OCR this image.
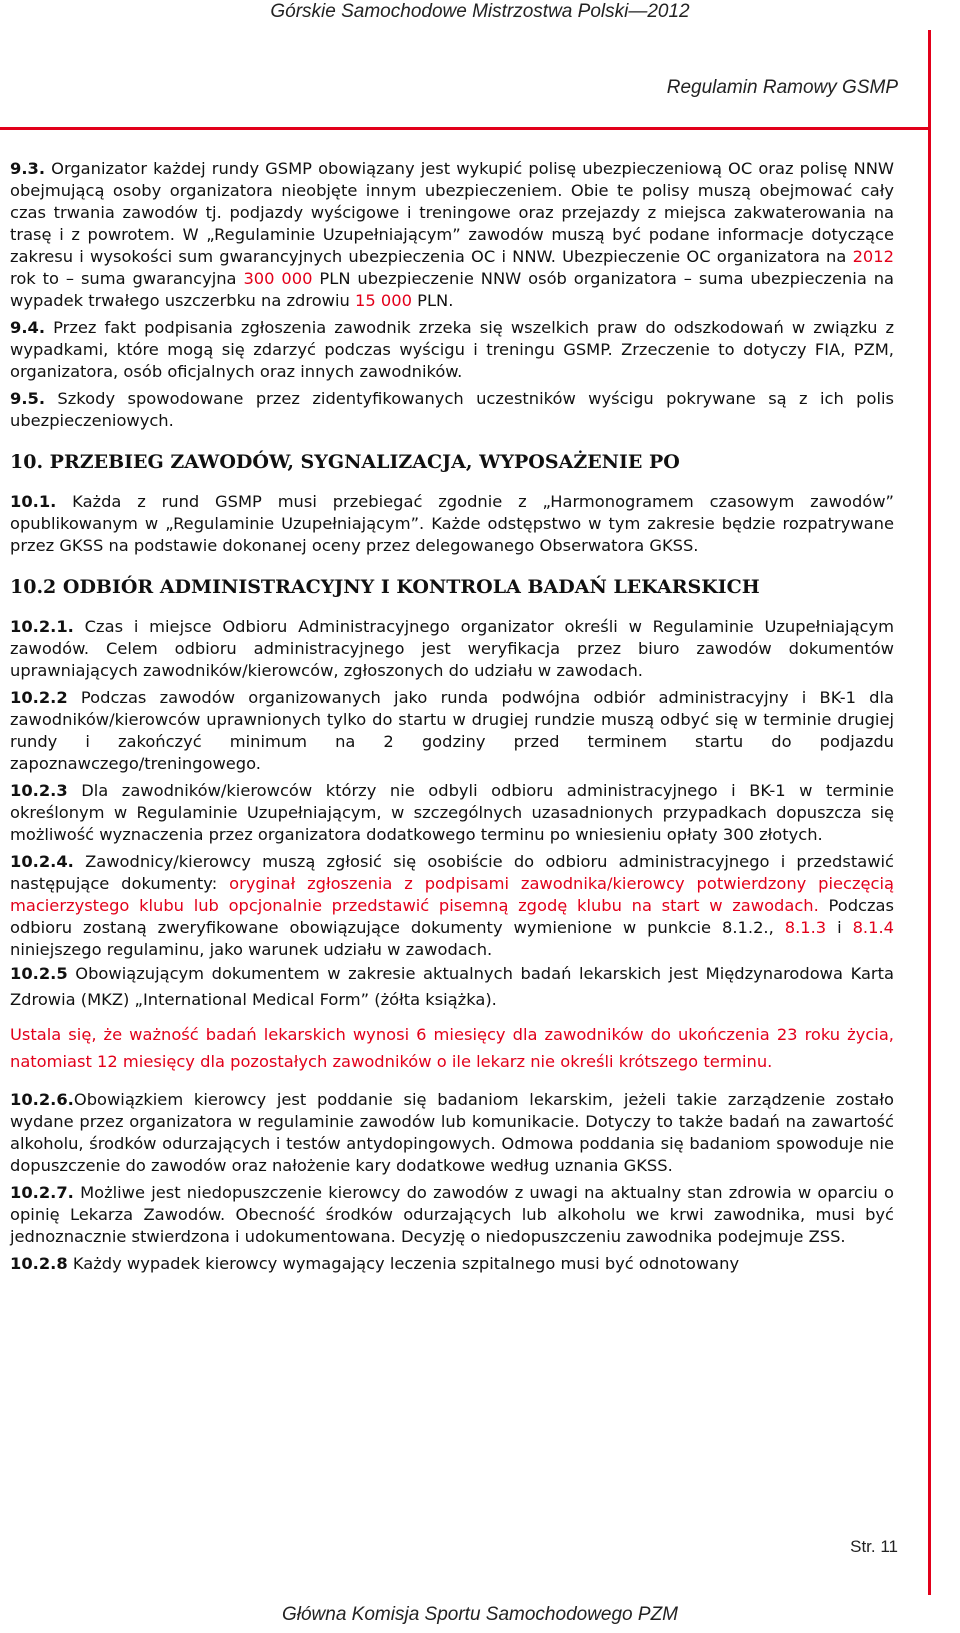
Górskie Samochodowe Mistrzostwa Polski—2012
Regulamin Ramowy GSMP

9.3. Organizator każdej rundy GSMP obowiązany jest wykupić polisę ubezpieczeniową OC oraz polisę NNW obejmującą osoby organizatora nieobjęte innym ubezpieczeniem. Obie te polisy muszą obejmować cały czas trwania zawodów tj. podjazdy wyścigowe i treningowe oraz przejazdy z miejsca zakwaterowania na trasę i z powrotem. W „Regulaminie Uzupełniającym” zawodów muszą być podane informacje dotyczące zakresu i wysokości sum gwarancyjnych ubezpieczenia OC i NNW. Ubezpieczenie OC organizatora na 2012 rok to – suma gwarancyjna 300 000 PLN ubezpieczenie NNW osób organizatora – suma ubezpieczenia na wypadek trwałego uszczerbku na zdrowiu 15 000 PLN.

9.4. Przez fakt podpisania zgłoszenia zawodnik zrzeka się wszelkich praw do odszkodowań w związku z wypadkami, które mogą się zdarzyć podczas wyścigu i treningu GSMP. Zrzeczenie to dotyczy FIA, PZM, organizatora, osób oficjalnych oraz innych zawodników.

9.5. Szkody spowodowane przez zidentyfikowanych uczestników wyścigu pokrywane są z ich polis ubezpieczeniowych.

10. PRZEBIEG ZAWODÓW, SYGNALIZACJA, WYPOSAŻENIE PO

10.1. Każda z rund GSMP musi przebiegać zgodnie z „Harmonogramem czasowym zawodów” opublikowanym w „Regulaminie Uzupełniającym”. Każde odstępstwo w tym zakresie będzie rozpatrywane przez GKSS na podstawie dokonanej oceny przez delegowanego Obserwatora GKSS.

10.2 ODBIÓR ADMINISTRACYJNY I KONTROLA BADAŃ LEKARSKICH

10.2.1. Czas i miejsce Odbioru Administracyjnego organizator określi w Regulaminie Uzupełniającym zawodów. Celem odbioru administracyjnego jest weryfikacja przez biuro zawodów dokumentów uprawniających zawodników/kierowców, zgłoszonych do udziału w zawodach.

10.2.2 Podczas zawodów organizowanych jako runda podwójna odbiór administracyjny i BK-1 dla zawodników/kierowców uprawnionych tylko do startu w drugiej rundzie muszą odbyć się w terminie drugiej rundy i zakończyć minimum na 2 godziny przed terminem startu do podjazdu zapoznawczego/treningowego.

10.2.3 Dla zawodników/kierowców którzy nie odbyli odbioru administracyjnego i BK-1 w terminie określonym w Regulaminie Uzupełniającym, w szczególnych uzasadnionych przypadkach dopuszcza się możliwość wyznaczenia przez organizatora dodatkowego terminu po wniesieniu opłaty 300 złotych.

10.2.4. Zawodnicy/kierowcy muszą zgłosić się osobiście do odbioru administracyjnego i przedstawić następujące dokumenty: oryginał zgłoszenia z podpisami zawodnika/kierowcy potwierdzony pieczęcią macierzystego klubu lub opcjonalnie przedstawić pisemną zgodę klubu na start w zawodach. Podczas odbioru zostaną zweryfikowane obowiązujące dokumenty wymienione w punkcie 8.1.2., 8.1.3 i 8.1.4 niniejszego regulaminu, jako warunek udziału w zawodach.

10.2.5 Obowiązującym dokumentem w zakresie aktualnych badań lekarskich jest Międzynarodowa Karta Zdrowia (MKZ) „International Medical Form” (żółta książka).

Ustala się, że ważność badań lekarskich wynosi 6 miesięcy dla zawodników do ukończenia 23 roku życia, natomiast 12 miesięcy dla pozostałych zawodników o ile lekarz nie określi krótszego terminu.

10.2.6.Obowiązkiem kierowcy jest poddanie się badaniom lekarskim, jeżeli takie zarządzenie zostało wydane przez organizatora w regulaminie zawodów lub komunikacie. Dotyczy to także badań na zawartość alkoholu, środków odurzających i testów antydopingowych. Odmowa poddania się badaniom spowoduje nie dopuszczenie do zawodów oraz nałożenie kary dodatkowe według uznania GKSS.

10.2.7. Możliwe jest niedopuszczenie kierowcy do zawodów z uwagi na aktualny stan zdrowia w oparciu o opinię Lekarza Zawodów. Obecność środków odurzających lub alkoholu we krwi zawodnika, musi być jednoznacznie stwierdzona i udokumentowana. Decyzję o niedopuszczeniu zawodnika podejmuje ZSS.

10.2.8 Każdy wypadek kierowcy wymagający leczenia szpitalnego musi być odnotowany

Str. 11
Główna Komisja Sportu Samochodowego PZM
